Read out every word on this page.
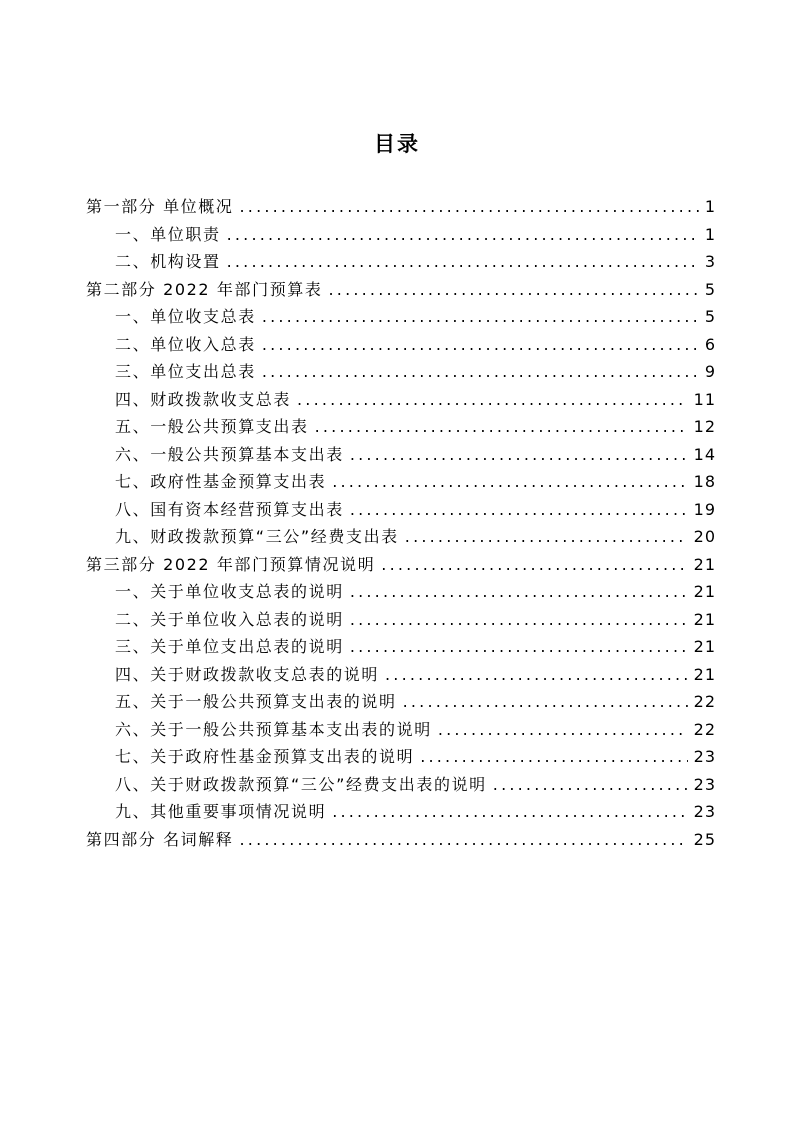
目录
第一部分 单位概况 .....	1
一、单位职责 .....	1
二、机构设置 .....	3
第二部分 2022 年部门预算表 .....	5
一、单位收支总表 .....	5
二、单位收入总表 .....	6
三、单位支出总表 .....	9
四、财政拨款收支总表 .....	11
五、一般公共预算支出表 .....	12
六、一般公共预算基本支出表 .....	14
七、政府性基金预算支出表 .....	18
八、国有资本经营预算支出表 .....	19
九、财政拨款预算“三公”经费支出表 .....	20
第三部分 2022 年部门预算情况说明 .....	21
一、关于单位收支总表的说明 .....	21
二、关于单位收入总表的说明 .....	21
三、关于单位支出总表的说明 .....	21
四、关于财政拨款收支总表的说明 .....	21
五、关于一般公共预算支出表的说明 .....	22
六、关于一般公共预算基本支出表的说明 .....	22
七、关于政府性基金预算支出表的说明 .....	23
八、关于财政拨款预算“三公”经费支出表的说明 .....	23
九、其他重要事项情况说明 .....	23
第四部分 名词解释 .....	25
